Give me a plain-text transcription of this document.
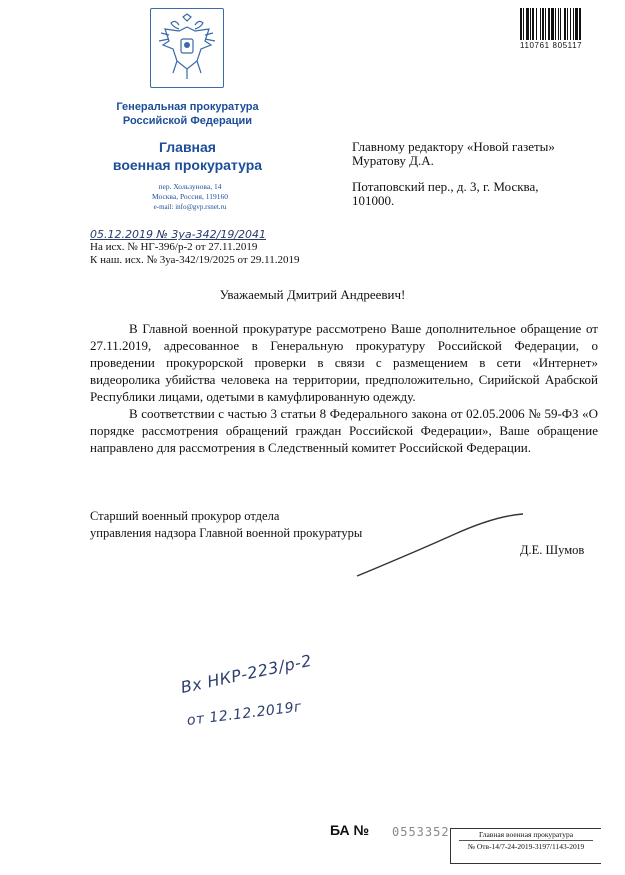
110761 805117
Генеральная прокуратура
Российской Федерации
Главная
военная прокуратура
пер. Хользунова, 14
Москва, Россия, 119160
e-mail: info@gvp.rsnet.ru

Главному редактору «Новой газеты»

Муратову Д.А.

Потаповский пер., д. 3, г. Москва,

101000.

05.12.2019 № 3уа-342/19/2041
На исх. № НГ-396/р-2 от 27.11.2019
К наш. исх. № 3уа-342/19/2025 от 29.11.2019
Уважаемый Дмитрий Андреевич!

В Главной военной прокуратуре рассмотрено Ваше дополнительное обращение от 27.11.2019, адресованное в Генеральную прокуратуру Российской Федерации, о проведении прокурорской проверки в связи с размещением в сети «Интернет» видеоролика убийства человека на территории, предположительно, Сирийской Арабской Республики лицами, одетыми в камуфлированную одежду.

В соответствии с частью 3 статьи 8 Федерального закона от 02.05.2006 № 59-ФЗ «О порядке рассмотрения обращений граждан Российской Федерации», Ваше обращение направлено для рассмотрения в Следственный комитет Российской Федерации.

Старший военный прокурор отдела
управления надзора Главной военной прокуратуры
Д.Е. Шумов
Вх НКР-223/р-2
от 12.12.2019г
БА № 0553352	Главная военная прокуратура
№ Отв-14/7-24-2019-3197/1143-2019
